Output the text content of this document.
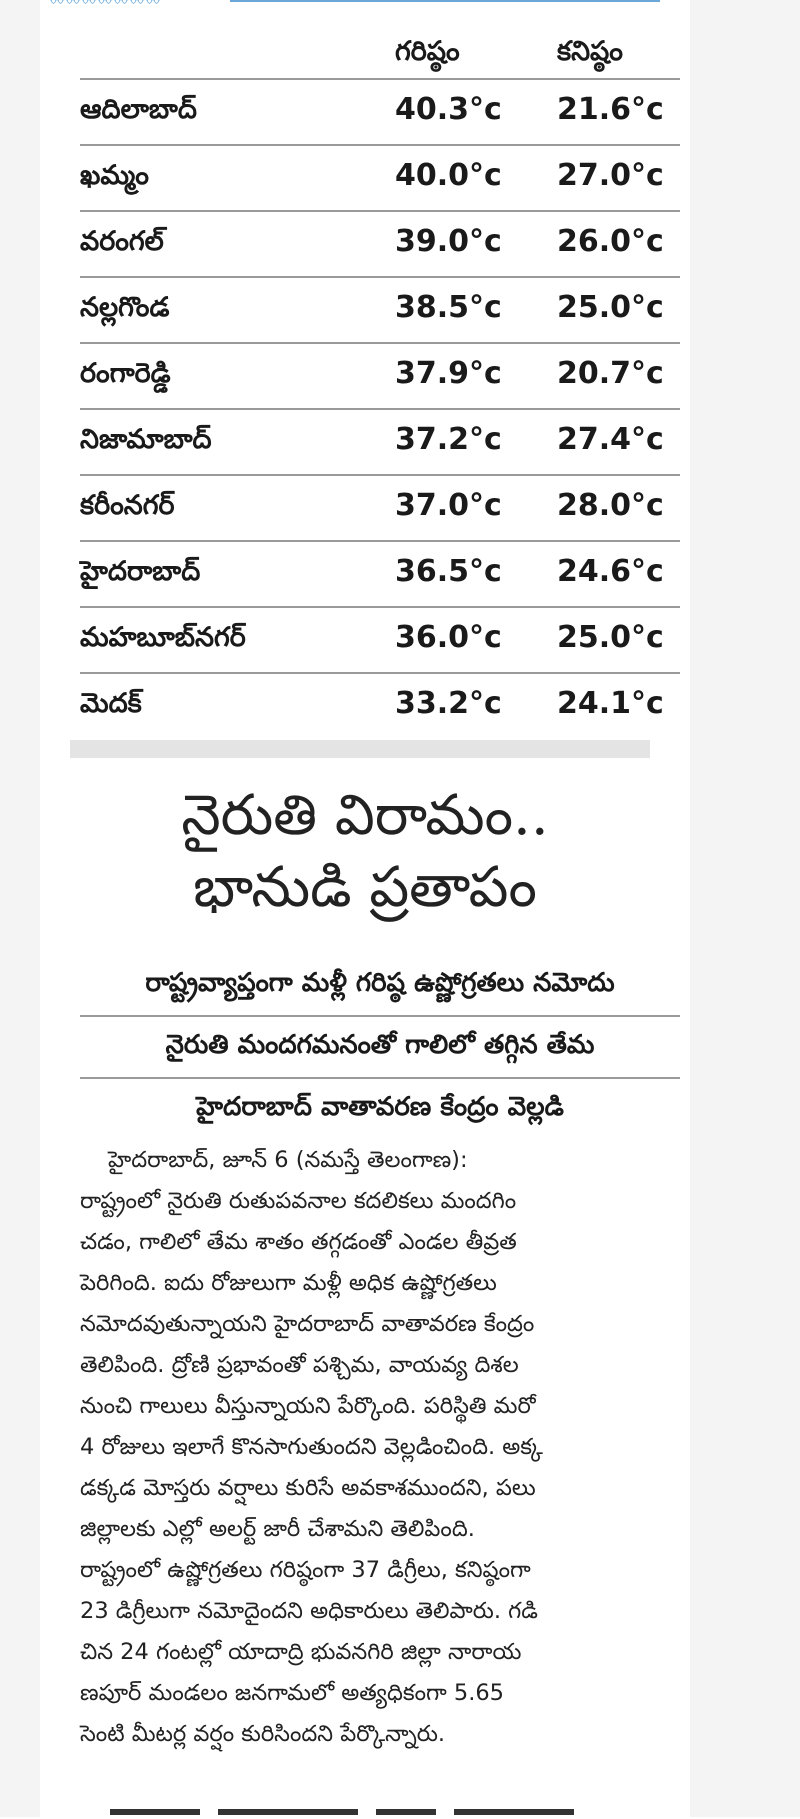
〰〰〰〰〰〰〰
గరిష్ఠం	కనిష్ఠం
ఆదిలాబాద్	40.3°c 21.6°c
ఖమ్మం	40.0°c 27.0°c
వరంగల్	39.0°c 26.0°c
నల్లగొండ	38.5°c 25.0°c
రంగారెడ్డి	37.9°c 20.7°c
నిజామాబాద్	37.2°c 27.4°c
కరీంనగర్	37.0°c 28.0°c
హైదరాబాద్	36.5°c 24.6°c
మహబూబ్‌నగర్	36.0°c 25.0°c
మెదక్	33.2°c 24.1°c
నైరుతి విరామం..
భానుడి ప్రతాపం
రాష్ట్రవ్యాప్తంగా మళ్లీ గరిష్ఠ ఉష్ణోగ్రతలు నమోదు
నైరుతి మందగమనంతో గాలిలో తగ్గిన తేమ
హైదరాబాద్ వాతావరణ కేంద్రం వెల్లడి
హైదరాబాద్, జూన్ 6 (నమస్తే తెలంగాణ):
రాష్ట్రంలో నైరుతి రుతుపవనాల కదలికలు మందగిం
చడం, గాలిలో తేమ శాతం తగ్గడంతో ఎండల తీవ్రత
పెరిగింది. ఐదు రోజులుగా మళ్లీ అధిక ఉష్ణోగ్రతలు
నమోదవుతున్నాయని హైదరాబాద్ వాతావరణ కేంద్రం
తెలిపింది. ద్రోణి ప్రభావంతో పశ్చిమ, వాయవ్య దిశల
నుంచి గాలులు వీస్తున్నాయని పేర్కొంది. పరిస్థితి మరో
4 రోజులు ఇలాగే కొనసాగుతుందని వెల్లడించింది. అక్క
డక్కడ మోస్తరు వర్షాలు కురిసే అవకాశముందని, పలు
జిల్లాలకు ఎల్లో అలర్ట్ జారీ చేశామని తెలిపింది.
రాష్ట్రంలో ఉష్ణోగ్రతలు గరిష్ఠంగా 37 డిగ్రీలు, కనిష్ఠంగా
23 డిగ్రీలుగా నమోదైందని అధికారులు తెలిపారు. గడి
చిన 24 గంటల్లో యాదాద్రి భువనగిరి జిల్లా నారాయ
ణపూర్ మండలం జనగామలో అత్యధికంగా 5.65
సెంటి మీటర్ల వర్షం కురిసిందని పేర్కొన్నారు.
